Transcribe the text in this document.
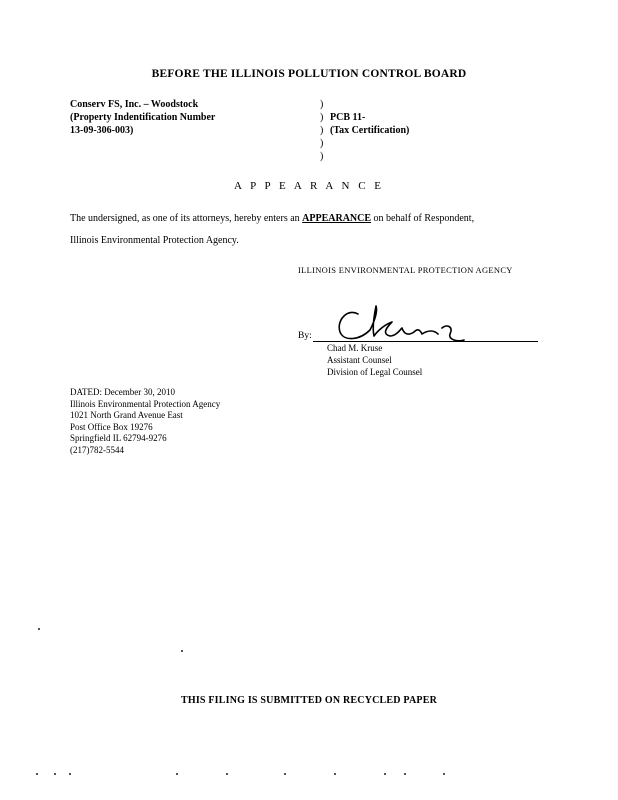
BEFORE THE ILLINOIS POLLUTION CONTROL BOARD
Conserv FS, Inc. – Woodstock
(Property Indentification Number
13-09-306-003)
)
)
)
)
)
PCB 11-
(Tax Certification)
A P P E A R A N C E
The undersigned, as one of its attorneys, hereby enters an APPEARANCE on behalf of Respondent,
Illinois Environmental Protection Agency.
ILLINOIS ENVIRONMENTAL PROTECTION AGENCY
By:
Chad M. Kruse
Assistant Counsel
Division of Legal Counsel
DATED: December 30, 2010
Illinois Environmental Protection Agency
1021 North Grand Avenue East
Post Office Box 19276
Springfield IL 62794-9276
(217)782-5544
THIS FILING IS SUBMITTED ON RECYCLED PAPER
